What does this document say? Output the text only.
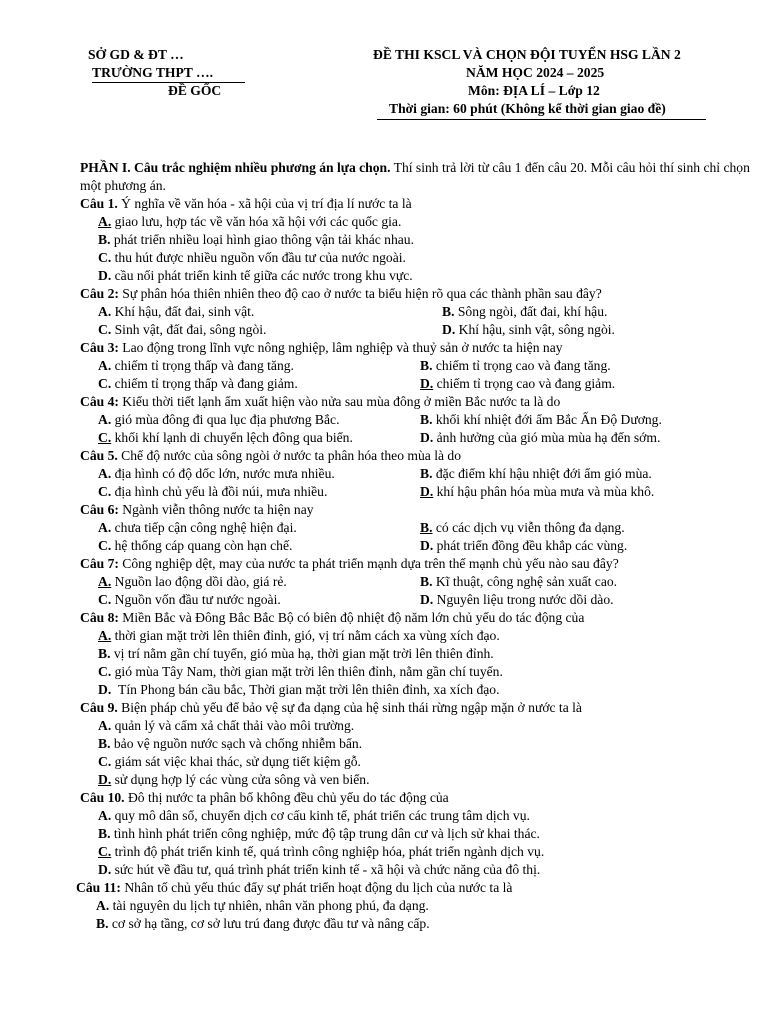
SỞ GD & ĐT …
TRƯỜNG THPT ….
ĐỀ GỐC
ĐỀ THI KSCL VÀ CHỌN ĐỘI TUYỂN HSG LẦN 2
NĂM HỌC 2024 – 2025
Môn: ĐỊA LÍ – Lớp 12
Thời gian: 60 phút (Không kể thời gian giao đề)
PHẦN I. Câu trắc nghiệm nhiều phương án lựa chọn. Thí sinh trả lời từ câu 1 đến câu 20. Mỗi câu hỏi thí sinh chỉ chọn một phương án.
Câu 1. Ý nghĩa về văn hóa - xã hội của vị trí địa lí nước ta là
A. giao lưu, hợp tác về văn hóa xã hội với các quốc gia.
B. phát triển nhiều loại hình giao thông vận tải khác nhau.
C. thu hút được nhiều nguồn vốn đầu tư của nước ngoài.
D. cầu nối phát triển kinh tế giữa các nước trong khu vực.
Câu 2: Sự phân hóa thiên nhiên theo độ cao ở nước ta biểu hiện rõ qua các thành phần sau đây?
A. Khí hậu, đất đai, sinh vật.	B. Sông ngòi, đất đai, khí hậu.
C. Sinh vật, đất đai, sông ngòi.	D. Khí hậu, sinh vật, sông ngòi.
Câu 3: Lao động trong lĩnh vực nông nghiệp, lâm nghiệp và thuỷ sản ở nước ta hiện nay
A. chiếm tỉ trọng thấp và đang tăng.	B. chiếm tỉ trọng cao và đang tăng.
C. chiếm tỉ trọng thấp và đang giảm.	D. chiếm tỉ trọng cao và đang giảm.
Câu 4: Kiểu thời tiết lạnh ẩm xuất hiện vào nửa sau mùa đông ở miền Bắc nước ta là do
A. gió mùa đông đi qua lục địa phương Bắc.	B. khối khí nhiệt đới ẩm Bắc Ấn Độ Dương.
C. khối khí lạnh di chuyển lệch đông qua biển.	D. ảnh hưởng của gió mùa mùa hạ đến sớm.
Câu 5. Chế độ nước của sông ngòi ở nước ta phân hóa theo mùa là do
A. địa hình có độ dốc lớn, nước mưa nhiều.	B. đặc điểm khí hậu nhiệt đới ẩm gió mùa.
C. địa hình chủ yếu là đồi núi, mưa nhiều.	D. khí hậu phân hóa mùa mưa và mùa khô.
Câu 6: Ngành viễn thông nước ta hiện nay
A. chưa tiếp cận công nghệ hiện đại.	B. có các dịch vụ viễn thông đa dạng.
C. hệ thống cáp quang còn hạn chế.	D. phát triển đồng đều khắp các vùng.
Câu 7: Công nghiệp dệt, may của nước ta phát triển mạnh dựa trên thế mạnh chủ yếu nào sau đây?
A. Nguồn lao động dồi dào, giá rẻ.	B. Kĩ thuật, công nghệ sản xuất cao.
C. Nguồn vốn đầu tư nước ngoài.	D. Nguyên liệu trong nước dồi dào.
Câu 8: Miền Bắc và Đông Bắc Bắc Bộ có biên độ nhiệt độ năm lớn chủ yếu do tác động của
A. thời gian mặt trời lên thiên đỉnh, gió, vị trí nằm cách xa vùng xích đạo.
B. vị trí nằm gần chí tuyến, gió mùa hạ, thời gian mặt trời lên thiên đỉnh.
C. gió mùa Tây Nam, thời gian mặt trời lên thiên đỉnh, nằm gần chí tuyến.
D. Tín Phong bán cầu bắc, Thời gian mặt trời lên thiên đỉnh, xa xích đạo.
Câu 9. Biện pháp chủ yếu để bảo vệ sự đa dạng của hệ sinh thái rừng ngập mặn ở nước ta là
A. quản lý và cấm xả chất thải vào môi trường.
B. bảo vệ nguồn nước sạch và chống nhiễm bẩn.
C. giám sát việc khai thác, sử dụng tiết kiệm gỗ.
D. sử dụng hợp lý các vùng cửa sông và ven biển.
Câu 10. Đô thị nước ta phân bố không đều chủ yếu do tác động của
A. quy mô dân số, chuyển dịch cơ cấu kinh tế, phát triển các trung tâm dịch vụ.
B. tình hình phát triển công nghiệp, mức độ tập trung dân cư và lịch sử khai thác.
C. trình độ phát triển kinh tế, quá trình công nghiệp hóa, phát triển ngành dịch vụ.
D. sức hút về đầu tư, quá trình phát triển kinh tế - xã hội và chức năng của đô thị.
Câu 11: Nhân tố chủ yếu thúc đẩy sự phát triển hoạt động du lịch của nước ta là
A. tài nguyên du lịch tự nhiên, nhân văn phong phú, đa dạng.
B. cơ sở hạ tầng, cơ sở lưu trú đang được đầu tư và nâng cấp.
